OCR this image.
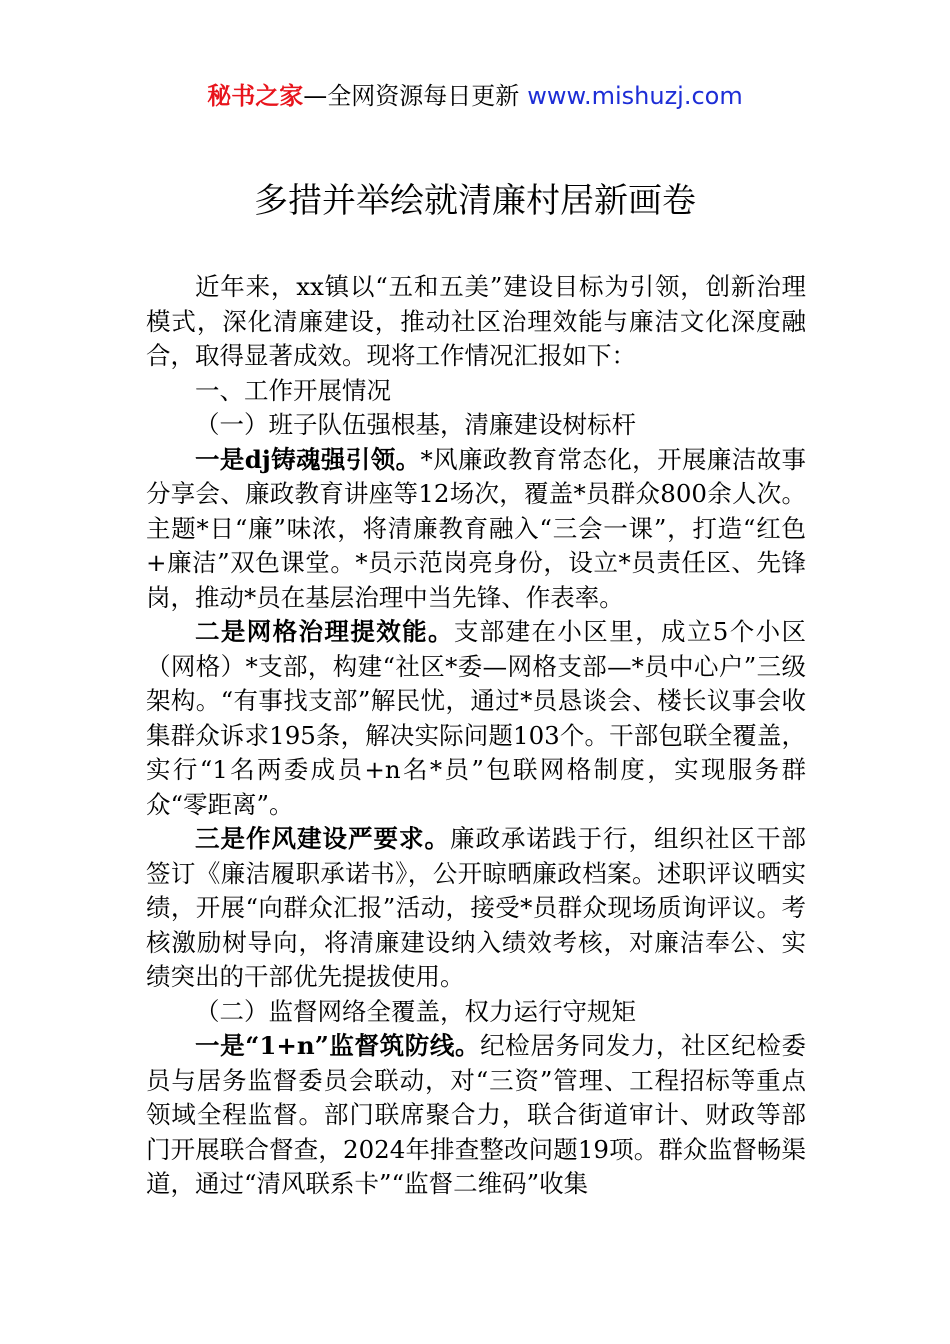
秘书之家—全网资源每日更新 www.mishuzj.com
多措并举绘就清廉村居新画卷

近年来，xx镇以“五和五美”建设目标为引领，创新治理模式，深化清廉建设，推动社区治理效能与廉洁文化深度融合，取得显著成效。现将工作情况汇报如下：

一、工作开展情况

（一）班子队伍强根基，清廉建设树标杆

一是dj铸魂强引领。*风廉政教育常态化，开展廉洁故事分享会、廉政教育讲座等12场次，覆盖*员群众800余人次。主题*日“廉”味浓，将清廉教育融入“三会一课”，打造“红色+廉洁”双色课堂。*员示范岗亮身份，设立*员责任区、先锋岗，推动*员在基层治理中当先锋、作表率。

二是网格治理提效能。支部建在小区里，成立5个小区（网格）*支部，构建“社区*委—网格支部—*员中心户”三级架构。“有事找支部”解民忧，通过*员恳谈会、楼长议事会收集群众诉求195条，解决实际问题103个。干部包联全覆盖，实行“1名两委成员+n名*员”包联网格制度，实现服务群众“零距离”。

三是作风建设严要求。廉政承诺践于行，组织社区干部签订《廉洁履职承诺书》，公开晾晒廉政档案。述职评议晒实绩，开展“向群众汇报”活动，接受*员群众现场质询评议。考核激励树导向，将清廉建设纳入绩效考核，对廉洁奉公、实绩突出的干部优先提拔使用。

（二）监督网络全覆盖，权力运行守规矩

一是“1+n”监督筑防线。纪检居务同发力，社区纪检委员与居务监督委员会联动，对“三资”管理、工程招标等重点领域全程监督。部门联席聚合力，联合街道审计、财政等部门开展联合督查，2024年排查整改问题19项。群众监督畅渠道，通过“清风联系卡”“监督二维码”收集
